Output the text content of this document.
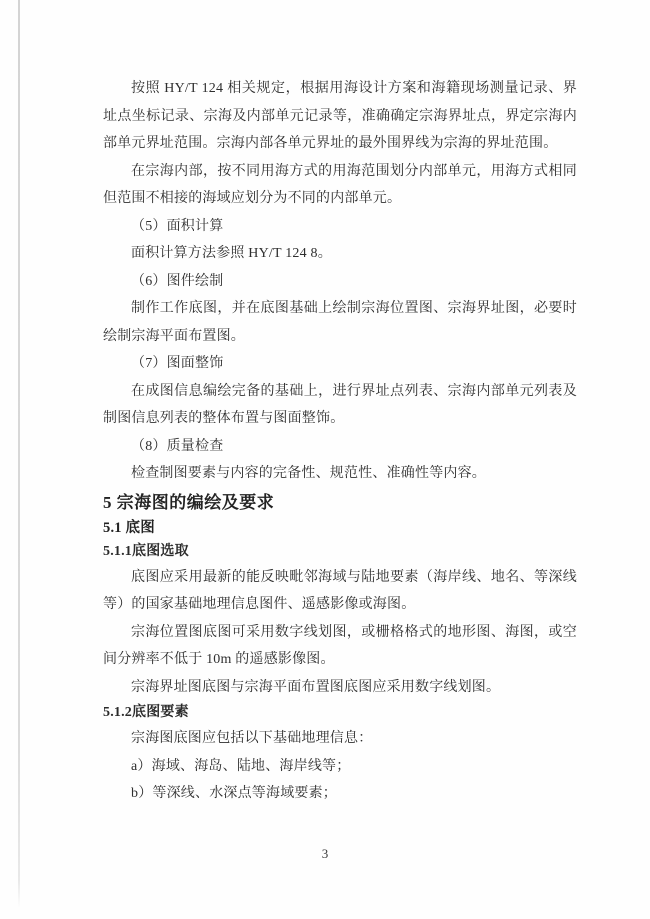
按照 HY/T 124 相关规定，根据用海设计方案和海籍现场测量记录、界址点坐标记录、宗海及内部单元记录等，准确确定宗海界址点，界定宗海内部单元界址范围。宗海内部各单元界址的最外围界线为宗海的界址范围。

在宗海内部，按不同用海方式的用海范围划分内部单元，用海方式相同但范围不相接的海域应划分为不同的内部单元。

（5）面积计算

面积计算方法参照 HY/T 124 8。

（6）图件绘制

制作工作底图，并在底图基础上绘制宗海位置图、宗海界址图，必要时绘制宗海平面布置图。

（7）图面整饰

在成图信息编绘完备的基础上，进行界址点列表、宗海内部单元列表及制图信息列表的整体布置与图面整饰。

（8）质量检查

检查制图要素与内容的完备性、规范性、准确性等内容。

5 宗海图的编绘及要求
5.1 底图
5.1.1底图选取

底图应采用最新的能反映毗邻海域与陆地要素（海岸线、地名、等深线等）的国家基础地理信息图件、遥感影像或海图。

宗海位置图底图可采用数字线划图，或栅格格式的地形图、海图，或空间分辨率不低于 10m 的遥感影像图。

宗海界址图底图与宗海平面布置图底图应采用数字线划图。

5.1.2底图要素

宗海图底图应包括以下基础地理信息：

a）海域、海岛、陆地、海岸线等；

b）等深线、水深点等海域要素；

3
